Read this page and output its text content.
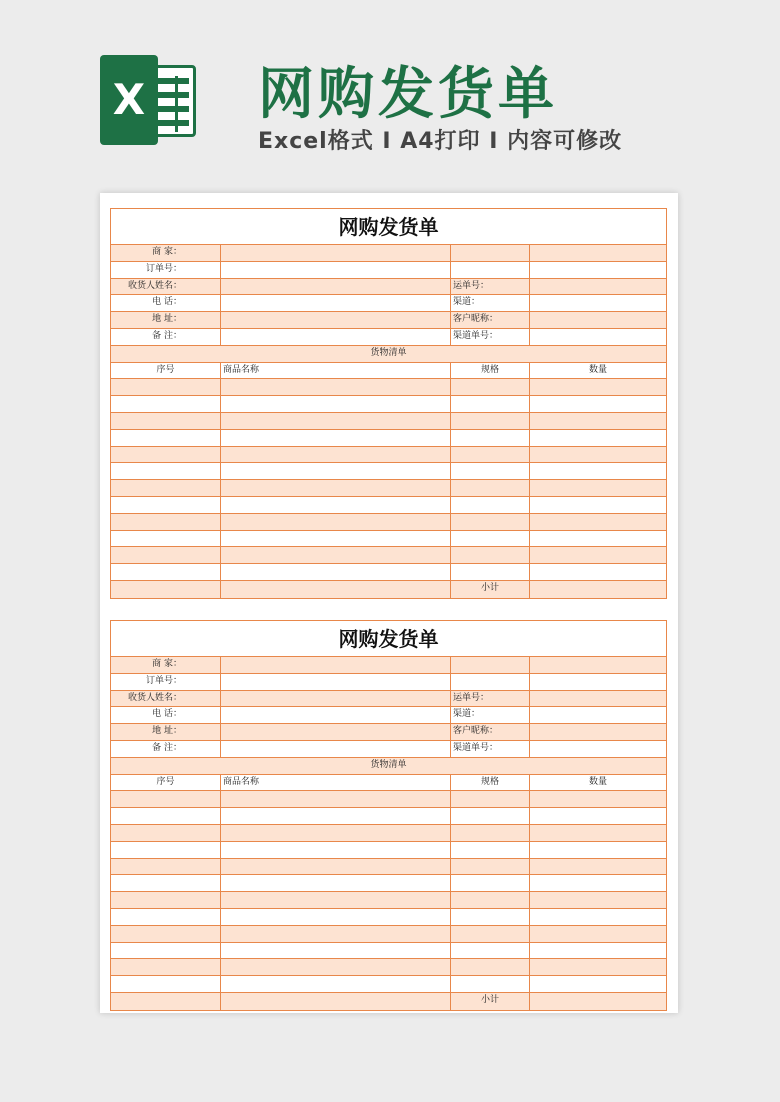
X 网购发货单
Excel格式 I A4打印 I 内容可修改
网购发货单
商 家：
订单号：
收货人姓名：	运单号：
电 话：	渠道：
地 址：	客户昵称：
备 注：	渠道单号：
货物清单
序号	商品名称	规格	数量
小计
网购发货单
商 家：
订单号：
收货人姓名：	运单号：
电 话：	渠道：
地 址：	客户昵称：
备 注：	渠道单号：
货物清单
序号	商品名称	规格	数量
小计
